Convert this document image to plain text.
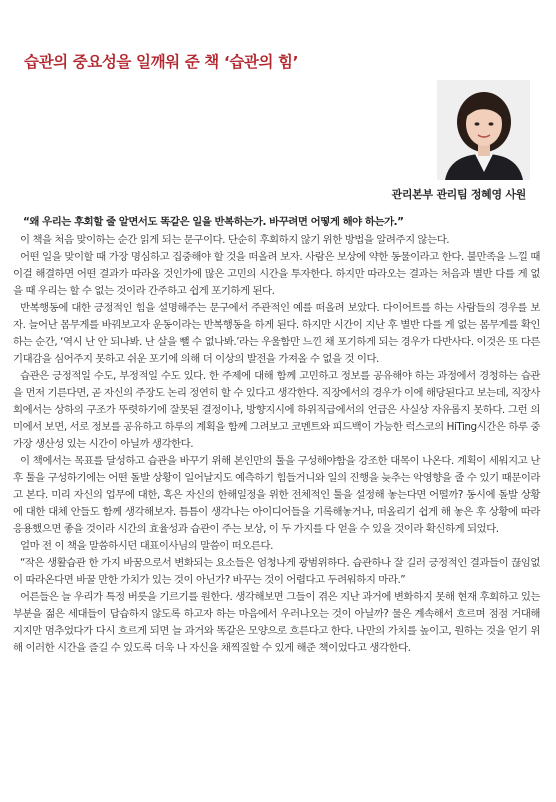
습관의 중요성을 일깨워 준 책 ‘습관의 힘’
관리본부 관리팀 정혜영 사원

“왜 우리는 후회할 줄 알면서도 똑같은 일을 반복하는가. 바꾸려면 어떻게 해야 하는가.”

이 책을 처음 맞이하는 순간 읽게 되는 문구이다. 단순히 후회하지 않기 위한 방법을 알려주지 않는다.

어떤 일을 맞이할 때 가장 명심하고 집중해야 할 것을 떠올려 보자. 사람은 보상에 약한 동물이라고 한다. 불만족을 느낄 때 이걸 해결하면 어떤 결과가 따라올 것인가에 많은 고민의 시간을 투자한다. 하지만 따라오는 결과는 처음과 별반 다를 게 없을 때 우리는 할 수 없는 것이라 간주하고 쉽게 포기하게 된다.

반복행동에 대한 긍정적인 힘을 설명해주는 문구에서 주관적인 예를 떠올려 보았다. 다이어트를 하는 사람들의 경우를 보자. 늘어난 몸무게를 바꿔보고자 운동이라는 반복행동을 하게 된다. 하지만 시간이 지난 후 별반 다를 게 없는 몸무게를 확인하는 순간, ‘역시 난 안 되나봐. 난 살을 뺄 수 없나봐.’라는 우울함만 느낀 채 포기하게 되는 경우가 다반사다. 이것은 또 다른 기대감을 심어주지 못하고 쉬운 포기에 의해 더 이상의 발전을 가져올 수 없을 것 이다.

습관은 긍정적일 수도, 부정적일 수도 있다. 한 주제에 대해 함께 고민하고 정보를 공유해야 하는 과정에서 경청하는 습관을 먼저 기른다면, 곧 자신의 주장도 논리 정연히 할 수 있다고 생각한다. 직장에서의 경우가 이에 해당된다고 보는데, 직장사회에서는 상하의 구조가 뚜렷하기에 잘못된 결정이나, 방향지시에 하위직급에서의 언급은 사실상 자유롭지 못하다. 그런 의미에서 보면, 서로 정보를 공유하고 하루의 계획을 함께 그려보고 코멘트와 피드백이 가능한 럭스코의 HiTing시간은 하루 중 가장 생산성 있는 시간이 아닐까 생각한다.

이 책에서는 목표를 달성하고 습관을 바꾸기 위해 본인만의 툴을 구성해야함을 강조한 대목이 나온다. 계획이 세워지고 난 후 툴을 구성하기에는 어떤 돌발 상황이 일어날지도 예측하기 힘들거니와 일의 진행을 늦추는 악영향을 줄 수 있기 때문이라고 본다. 미리 자신의 업무에 대한, 혹은 자신의 한해일정을 위한 전체적인 툴을 설정해 놓는다면 어떨까? 동시에 돌발 상황에 대한 대체 안들도 함께 생각해보자. 틈틈이 생각나는 아이디어들을 기록해놓거나, 떠올리기 쉽게 해 놓은 후 상황에 따라 응용했으면 좋을 것이라 시간의 효율성과 습관이 주는 보상, 이 두 가지를 다 얻을 수 있을 것이라 확신하게 되었다.

얼마 전 이 책을 말씀하시던 대표이사님의 말씀이 떠오른다.

“작은 생활습관 한 가지 바꿈으로서 변화되는 요소들은 엄청나게 광범위하다. 습관하나 잘 길러 긍정적인 결과들이 끊임없이 따라온다면 바꿀 만한 가치가 있는 것이 아닌가? 바꾸는 것이 어렵다고 두려워하지 마라.”

어른들은 늘 우리가 특정 버릇을 기르기를 원한다. 생각해보면 그들이 겪은 지난 과거에 변화하지 못해 현재 후회하고 있는 부분을 젊은 세대들이 답습하지 않도록 하고자 하는 마음에서 우러나오는 것이 아닐까? 물은 계속해서 흐르며 점점 거대해 지지만 멈추었다가 다시 흐르게 되면 늘 과거와 똑같은 모양으로 흐른다고 한다. 나만의 가치를 높이고, 원하는 것을 얻기 위해 이러한 시간을 즐길 수 있도록 더욱 나 자신을 채찍질할 수 있게 해준 책이었다고 생각한다.
